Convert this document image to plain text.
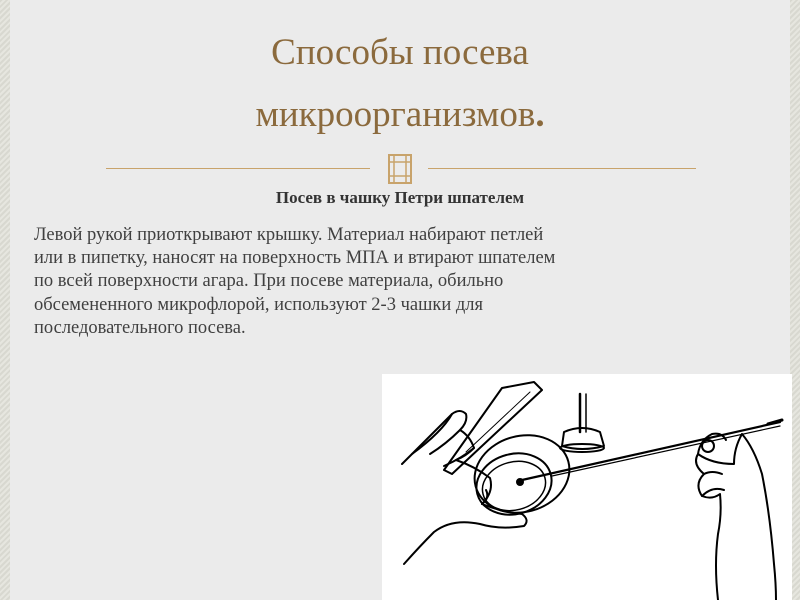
Способы посева
микроорганизмов.
Посев в чашку Петри шпателем
Левой рукой приоткрывают крышку. Материал набирают петлей
или в пипетку, наносят на поверхность МПА и втирают шпателем
по всей поверхности агара. При посеве материала, обильно
обсемененного микрофлорой, используют 2-3 чашки для
последовательного посева.
